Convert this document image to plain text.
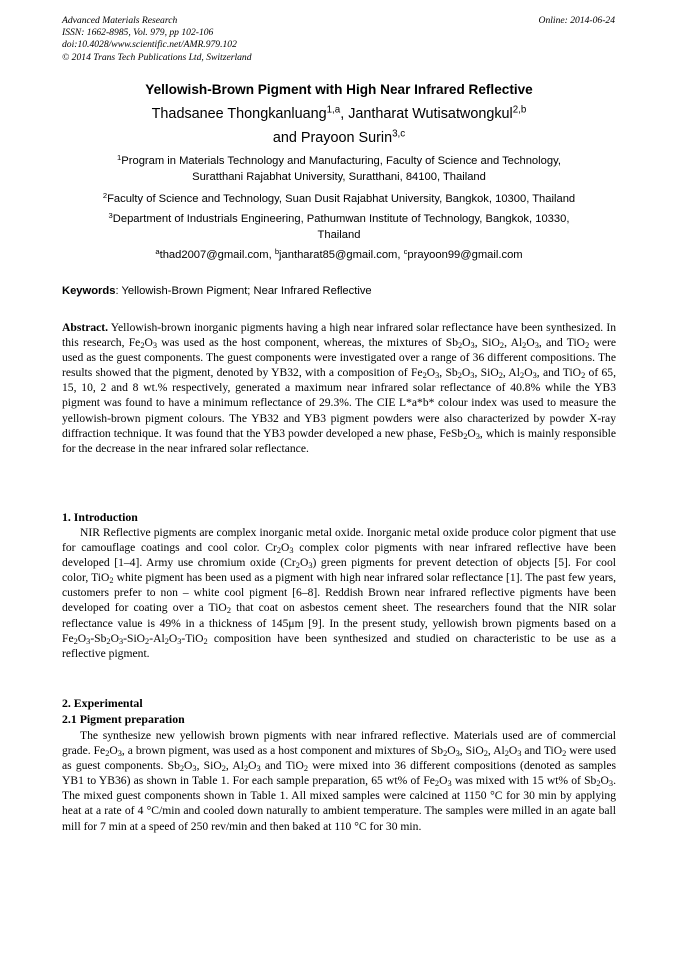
Advanced Materials Research
ISSN: 1662-8985, Vol. 979, pp 102-106
doi:10.4028/www.scientific.net/AMR.979.102
© 2014 Trans Tech Publications Ltd, Switzerland
Online: 2014-06-24
Yellowish-Brown Pigment with High Near Infrared Reflective
Thadsanee Thongkanluang$^{1,a}$, Jantharat Wutisatwongkul$^{2,b}$
and Prayoon Surin$^{3,c}$
$^1$Program in Materials Technology and Manufacturing, Faculty of Science and Technology,
Suratthani Rajabhat University, Suratthani, 84100, Thailand
$^2$Faculty of Science and Technology, Suan Dusit Rajabhat University, Bangkok, 10300, Thailand
$^3$Department of Industrials Engineering, Pathumwan Institute of Technology, Bangkok, 10330,
Thailand
$^a$thad2007@gmail.com, $^b$jantharat85@gmail.com, $^c$prayoon99@gmail.com
Keywords: Yellowish-Brown Pigment; Near Infrared Reflective

Abstract. Yellowish-brown inorganic pigments having a high near infrared solar reflectance have been synthesized. In this research, $Fe_2O_3$ was used as the host component, whereas, the mixtures of $Sb_2O_3$, SiO$_2$, $Al_2O_3$, and TiO$_2$ were used as the guest components. The guest components were investigated over a range of 36 different compositions. The results showed that the pigment, denoted by YB32, with a composition of $Fe_2O_3$, $Sb_2O_3$, SiO$_2$, $Al_2O_3$, and TiO$_2$ of 65, 15, 10, 2 and 8 wt.% respectively, generated a maximum near infrared solar reflectance of 40.8% while the YB3 pigment was found to have a minimum reflectance of 29.3%. The CIE L*a*b* colour index was used to measure the yellowish-brown pigment colours. The YB32 and YB3 pigment powders were also characterized by powder X-ray diffraction technique. It was found that the YB3 powder developed a new phase, $FeSb_2O_3$, which is mainly responsible for the decrease in the near infrared solar reflectance.

1. Introduction

NIR Reflective pigments are complex inorganic metal oxide. Inorganic metal oxide produce color pigment that use for camouflage coatings and cool color. $Cr_2O_3$ complex color pigments with near infrared reflective have been developed [1–4]. Army use chromium oxide $(Cr_2O_3)$ green pigments for prevent detection of objects [5]. For cool color, TiO$_2$ white pigment has been used as a pigment with high near infrared solar reflectance [1]. The past few years, customers prefer to non – white cool pigment [6–8]. Reddish Brown near infrared reflective pigments have been developed for coating over a TiO$_2$ that coat on asbestos cement sheet. The researchers found that the NIR solar reflectance value is 49% in a thickness of 145μm [9]. In the present study, yellowish brown pigments based on a $Fe_2O_3-Sb_2O_3-SiO_2-Al_2O_3-TiO_2$ composition have been synthesized and studied on characteristic to be use as a reflective pigment.

2. Experimental
2.1 Pigment preparation

The synthesize new yellowish brown pigments with near infrared reflective. Materials used are of commercial grade. $Fe_2O_3$, a brown pigment, was used as a host component and mixtures of $Sb_2O_3$, SiO$_2$, $Al_2O_3$ and TiO$_2$ were used as guest components. $Sb_2O_3$, SiO$_2$, $Al_2O_3$ and TiO$_2$ were mixed into 36 different compositions (denoted as samples YB1 to YB36) as shown in Table 1. For each sample preparation, 65 wt% of $Fe_2O_3$ was mixed with 15 wt% of $Sb_2O_3$. The mixed guest components shown in Table 1. All mixed samples were calcined at 1150 °C for 30 min by applying heat at a rate of 4 °C/min and cooled down naturally to ambient temperature. The samples were milled in an agate ball mill for 7 min at a speed of 250 rev/min and then baked at 110 °C for 30 min.
